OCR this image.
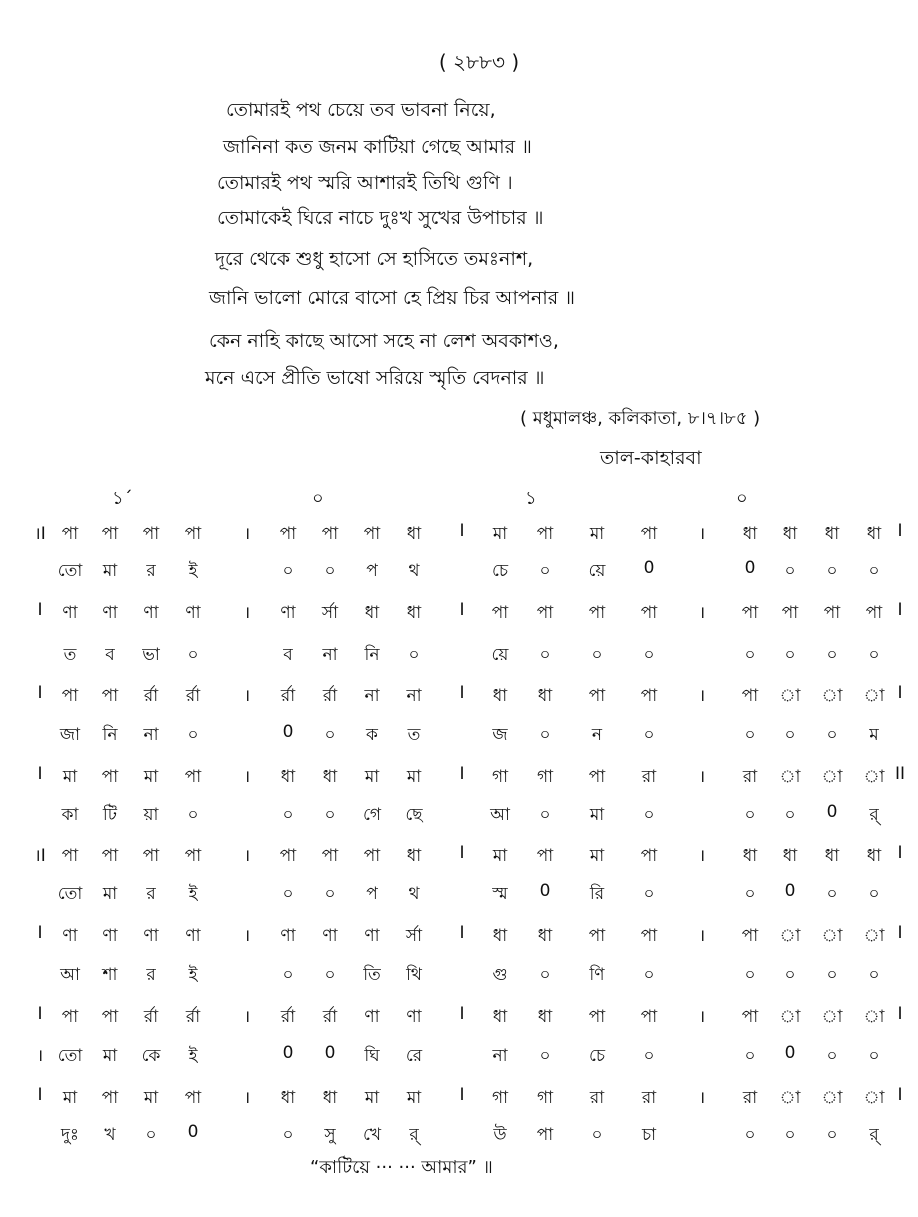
( ২৮৮৩ )
তোমারই পথ চেয়ে তব ভাবনা নিয়ে,
জানিনা কত জনম কাটিয়া গেছে আমার ॥
তোমারই পথ স্মরি আশারই তিথি গুণি ।
তোমাকেই ঘিরে নাচে দুঃখ সুখের উপাচার ॥
দূরে থেকে শুধু হাসো সে হাসিতে তমঃনাশ,
জানি ভালো মোরে বাসো হে প্রিয় চির আপনার ॥
কেন নাহি কাছে আসো সহে না লেশ অবকাশও,
মনে এসে প্রীতি ভাষো সরিয়ে স্মৃতি বেদনার ॥
( মধুমালঞ্চ, কলিকাতা, ৮।৭।৮৫ )
তাল-কাহারবা
১´	০	১	০
।I পা পা পা পা	। পা পা পা ধা I মা পা মা পা । ধা ধা ধা ধা I
তো মা র ই	০ ০ প থ	চে ০ য়ে 0	0 ০ ০ ০
I ণা ণা ণা ণা	। ণা র্সা ধা ধা I পা পা পা পা । পা পা পা পা I
ত ব ভা ০	ব না নি ০	য়ে ০ ০ ০	০ ০ ০ ০
I পা পা র্রা র্রা	। র্রা র্রা না না I ধা ধা পা পা । পা া া া I
জা নি না ০	0 ০ ক ত	জ ০ ন ০	০ ০ ০ ম
I মা পা মা পা	। ধা ধা মা মা I গা গা পা রা	। রা া া া II
কা টি য়া ০	০ ০ গে ছে	আ ০ মা ০	০ ০ 0 র্
।I পা পা পা পা	। পা পা পা ধা I মা পা মা পা । ধা ধা ধা ধা I
তো মা র ই	০ ০ প থ	স্ম 0 রি ০	০ 0 ০ ০
I ণা ণা ণা ণা	। ণা ণা ণা র্সা I ধা ধা পা পা । পা া া া I
আ শা র ই	০ ০ তি থি	গু ০ ণি ০	০ ০ ০ ০
I পা পা র্রা র্রা	। র্রা র্রা ণা ণা I ধা ধা পা পা । পা া া া I
। তো মা কে ই	0 0 ঘি রে	না ০ চে ০	০ 0 ০ ০
I মা পা মা পা	। ধা ধা মা মা I গা গা রা রা	। রা া া া I
দুঃ খ ০ 0	০ সু খে র্	উ পা ০ চা	০ ০ ০ র্
“কাটিয়ে ··· ··· আমার” ॥
